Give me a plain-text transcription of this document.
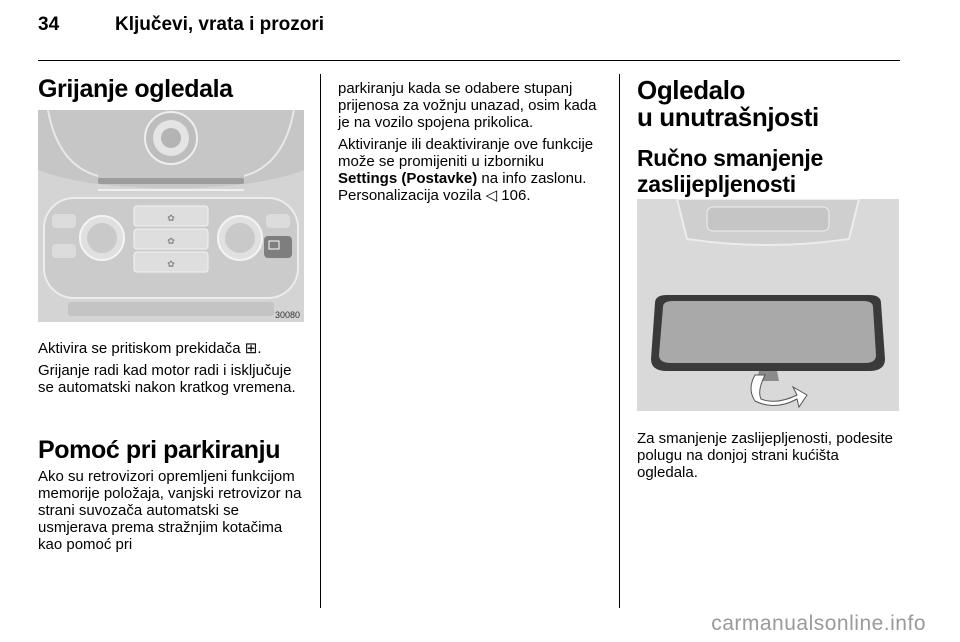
34	Ključevi, vrata i prozori
Grijanje ogledala
✿
✿
✿
30080

Aktivira se pritiskom prekidača ⊞.

Grijanje radi kad motor radi i isključuje se automatski nakon kratkog vremena.

Pomoć pri parkiranju

Ako su retrovizori opremljeni funkcijom memorije položaja, vanjski retrovizor na strani suvozača automatski se usmjerava prema stražnjim kotačima kao pomoć pri

parkiranju kada se odabere stupanj prijenosa za vožnju unazad, osim kada je na vozilo spojena prikolica.

Aktiviranje ili deaktiviranje ove funkcije može se promijeniti u izborniku Settings (Postavke) na info zaslonu. Personalizacija vozila ◁ 106.

Ogledalo
u unutrašnjosti
Ručno smanjenje
zaslijepljenosti

Za smanjenje zaslijepljenosti, podesite polugu na donjoj strani kućišta ogledala.

carmanualsonline.info
